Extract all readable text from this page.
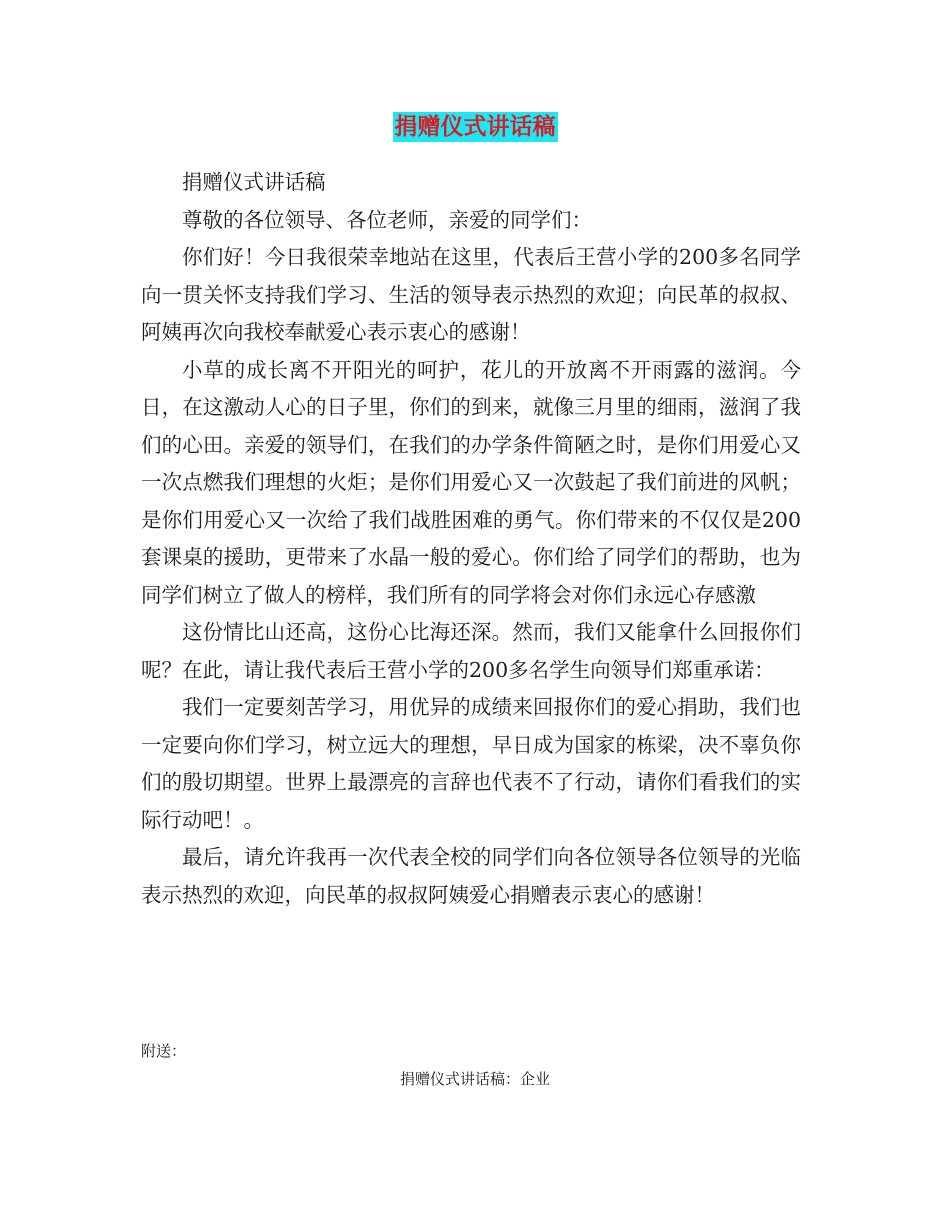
捐赠仪式讲话稿

捐赠仪式讲话稿

尊敬的各位领导、各位老师，亲爱的同学们：

你们好！今日我很荣幸地站在这里，代表后王营小学的200多名同学向一贯关怀支持我们学习、生活的领导表示热烈的欢迎；向民革的叔叔、阿姨再次向我校奉献爱心表示衷心的感谢！

小草的成长离不开阳光的呵护，花儿的开放离不开雨露的滋润。今日，在这激动人心的日子里，你们的到来，就像三月里的细雨，滋润了我们的心田。亲爱的领导们，在我们的办学条件简陋之时，是你们用爱心又一次点燃我们理想的火炬；是你们用爱心又一次鼓起了我们前进的风帆；是你们用爱心又一次给了我们战胜困难的勇气。你们带来的不仅仅是200套课桌的援助，更带来了水晶一般的爱心。你们给了同学们的帮助，也为同学们树立了做人的榜样，我们所有的同学将会对你们永远心存感激

这份情比山还高，这份心比海还深。然而，我们又能拿什么回报你们呢？在此，请让我代表后王营小学的200多名学生向领导们郑重承诺：

我们一定要刻苦学习，用优异的成绩来回报你们的爱心捐助，我们也一定要向你们学习，树立远大的理想，早日成为国家的栋梁，决不辜负你们的殷切期望。世界上最漂亮的言辞也代表不了行动，请你们看我们的实际行动吧！。

最后，请允许我再一次代表全校的同学们向各位领导各位领导的光临表示热烈的欢迎，向民革的叔叔阿姨爱心捐赠表示衷心的感谢！

附送：
捐赠仪式讲话稿：企业
